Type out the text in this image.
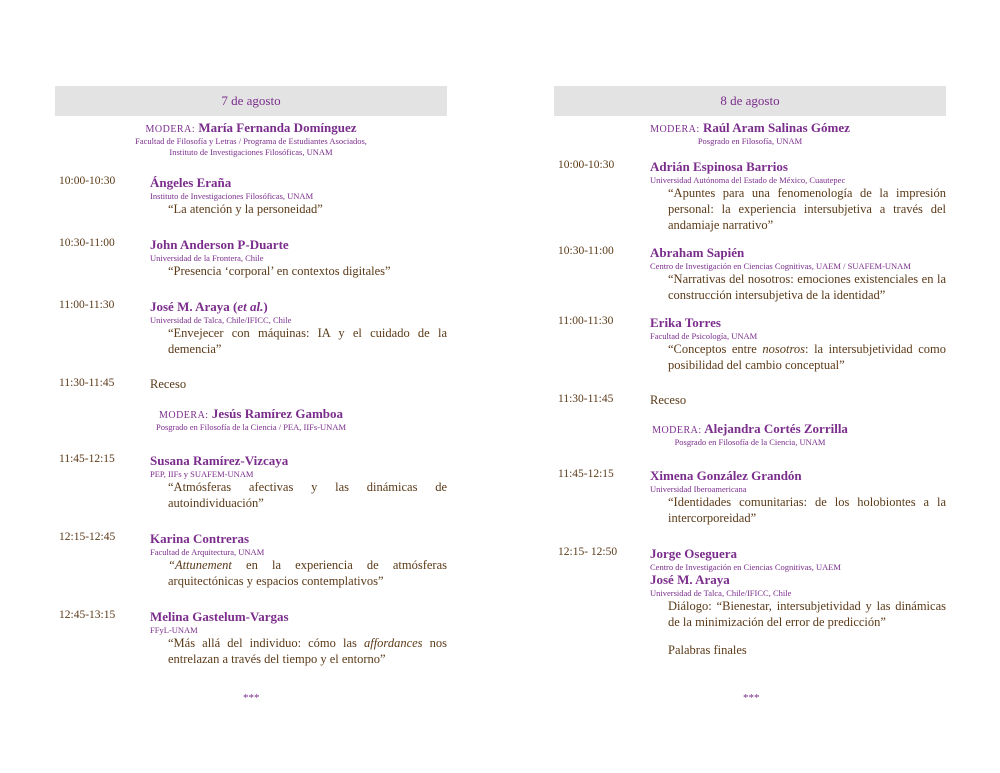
7 de agosto
MODERA: María Fernanda Domínguez
Facultad de Filosofía y Letras / Programa de Estudiantes Asociados,
Instituto de Investigaciones Filosóficas, UNAM
10:00-10:30	Ángeles Eraña
Instituto de Investigaciones Filosóficas, UNAM
“La atención y la personeidad”
10:30-11:00	John Anderson P-Duarte
Universidad de la Frontera, Chile
“Presencia ‘corporal’ en contextos digitales”
11:00-11:30	José M. Araya (et al.)
Universidad de Talca, Chile/IFICC, Chile
“Envejecer con máquinas: IA y el cuidado de la demencia”
11:30-11:45	Receso
MODERA: Jesús Ramírez Gamboa
Posgrado en Filosofía de la Ciencia / PEA, IIFs-UNAM
11:45-12:15	Susana Ramírez-Vizcaya
PEP, IIFs y SUAFEM-UNAM
“Atmósferas afectivas y las dinámicas de autoindividuación”
12:15-12:45	Karina Contreras
Facultad de Arquitectura, UNAM
“Attunement en la experiencia de atmósferas arquitectónicas y espacios contemplativos”
12:45-13:15	Melina Gastelum-Vargas
FFyL-UNAM
“Más allá del individuo: cómo las affordances nos entrelazan a través del tiempo y el entorno”
***
8 de agosto
MODERA: Raúl Aram Salinas Gómez
Posgrado en Filosofía, UNAM
10:00-10:30	Adrián Espinosa Barrios
Universidad Autónoma del Estado de México, Cuautepec
“Apuntes para una fenomenología de la impresión personal: la experiencia intersubjetiva a través del andamiaje narrativo”
10:30-11:00	Abraham Sapién
Centro de Investigación en Ciencias Cognitivas, UAEM / SUAFEM-UNAM
“Narrativas del nosotros: emociones existenciales en la construcción intersubjetiva de la identidad”
11:00-11:30	Erika Torres
Facultad de Psicología, UNAM
“Conceptos entre nosotros: la intersubjetividad como posibilidad del cambio conceptual”
11:30-11:45	Receso
MODERA: Alejandra Cortés Zorrilla
Posgrado en Filosofía de la Ciencia, UNAM
11:45-12:15	Ximena González Grandón
Universidad Iberoamericana
“Identidades comunitarias: de los holobiontes a la intercorporeidad”
12:15- 12:50	Jorge Oseguera
Centro de Investigación en Ciencias Cognitivas, UAEM
José M. Araya
Universidad de Talca, Chile/IFICC, Chile
Diálogo: “Bienestar, intersubjetividad y las dinámicas de la minimización del error de predicción”
Palabras finales
***
